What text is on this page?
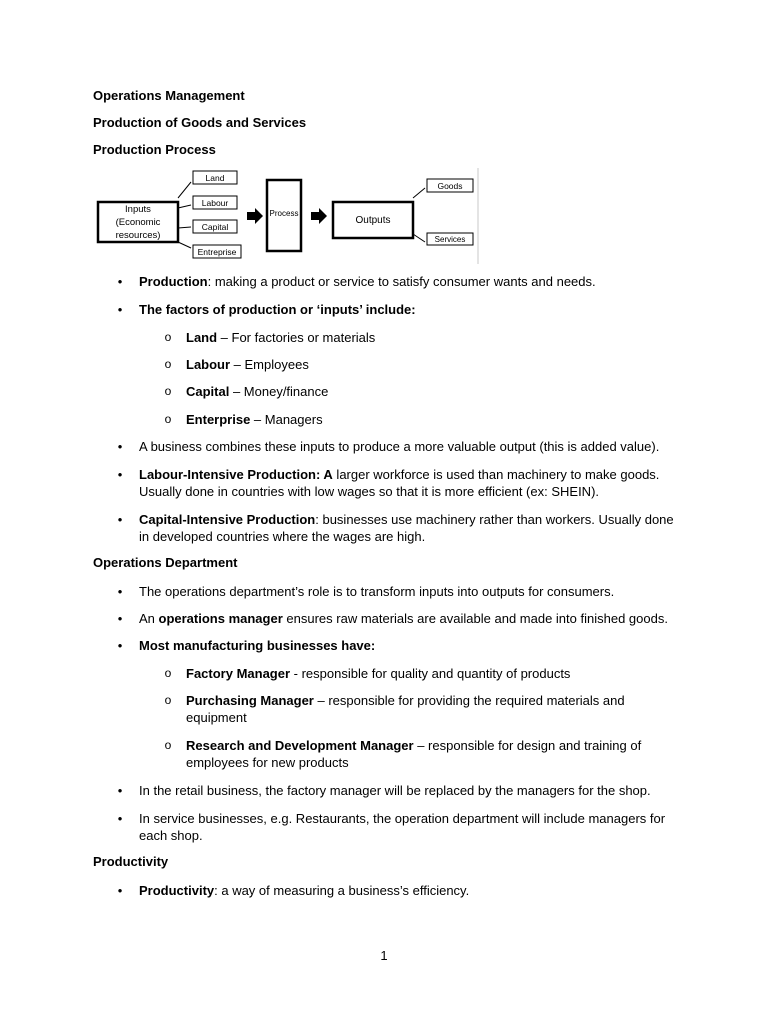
Operations Management
Production of Goods and Services
Production Process
Inputs
(Economic
resources)
Land
Labour
Capital
Entreprise
Process
Outputs
Goods
Services
• Production: making a product or service to satisfy consumer wants and needs.
• The factors of production or ‘inputs’ include:
o Land – For factories or materials
o Labour – Employees
o Capital – Money/finance
o Enterprise – Managers
• A business combines these inputs to produce a more valuable output (this is added value).
• Labour-Intensive Production: A larger workforce is used than machinery to make goods. Usually done in countries with low wages so that it is more efficient (ex: SHEIN).
• Capital-Intensive Production: businesses use machinery rather than workers. Usually done in developed countries where the wages are high.
Operations Department
• The operations department’s role is to transform inputs into outputs for consumers.
• An operations manager ensures raw materials are available and made into finished goods.
• Most manufacturing businesses have:
o Factory Manager - responsible for quality and quantity of products
o Purchasing Manager – responsible for providing the required materials and equipment
o Research and Development Manager – responsible for design and training of employees for new products
• In the retail business, the factory manager will be replaced by the managers for the shop.
• In service businesses, e.g. Restaurants, the operation department will include managers for each shop.
Productivity
• Productivity: a way of measuring a business’s efficiency.
1
